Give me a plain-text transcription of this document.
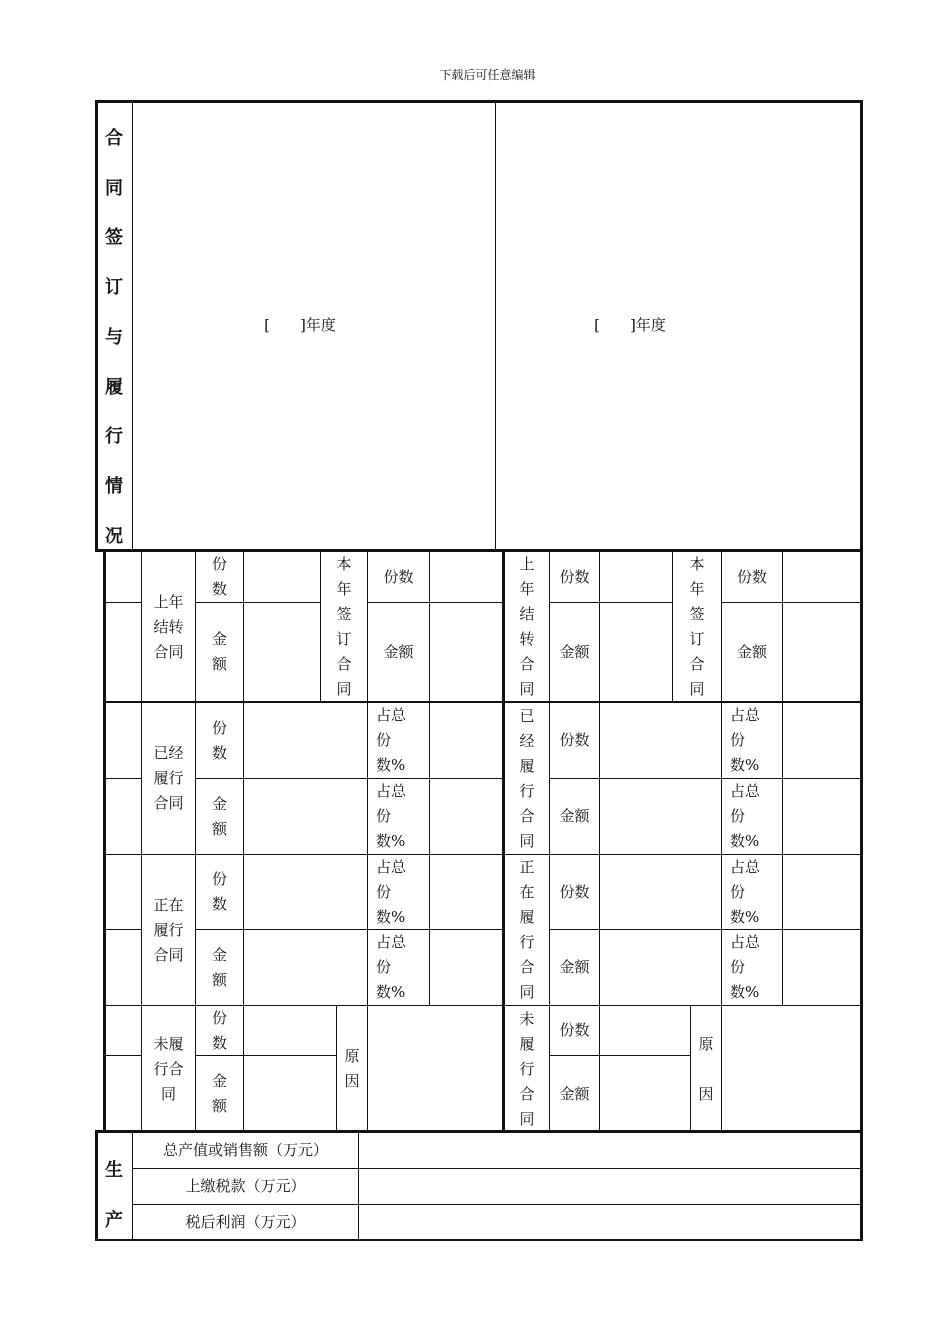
下载后可任意编辑
合同签订与履行情况
[　　]年度	[　　]年度
上年结转合同
份数
金额
本年签订合同
份数
金额
已经履行合同
份数
金额
占总份数%
占总份数%
正在履行合同
份数
金额
占总份数%
占总份数%
未履行合同
份数
金额
原因
上年结转合同
份数
金额
本年签订合同
份数
金额
已经履行合同
份数
金额
占总份数%
占总份数%
正在履行合同
份数
金额
占总份数%
占总份数%
未履行合同
份数
金额
原因
生产
总产值或销售额（万元）
上缴税款（万元）
税后利润（万元）
